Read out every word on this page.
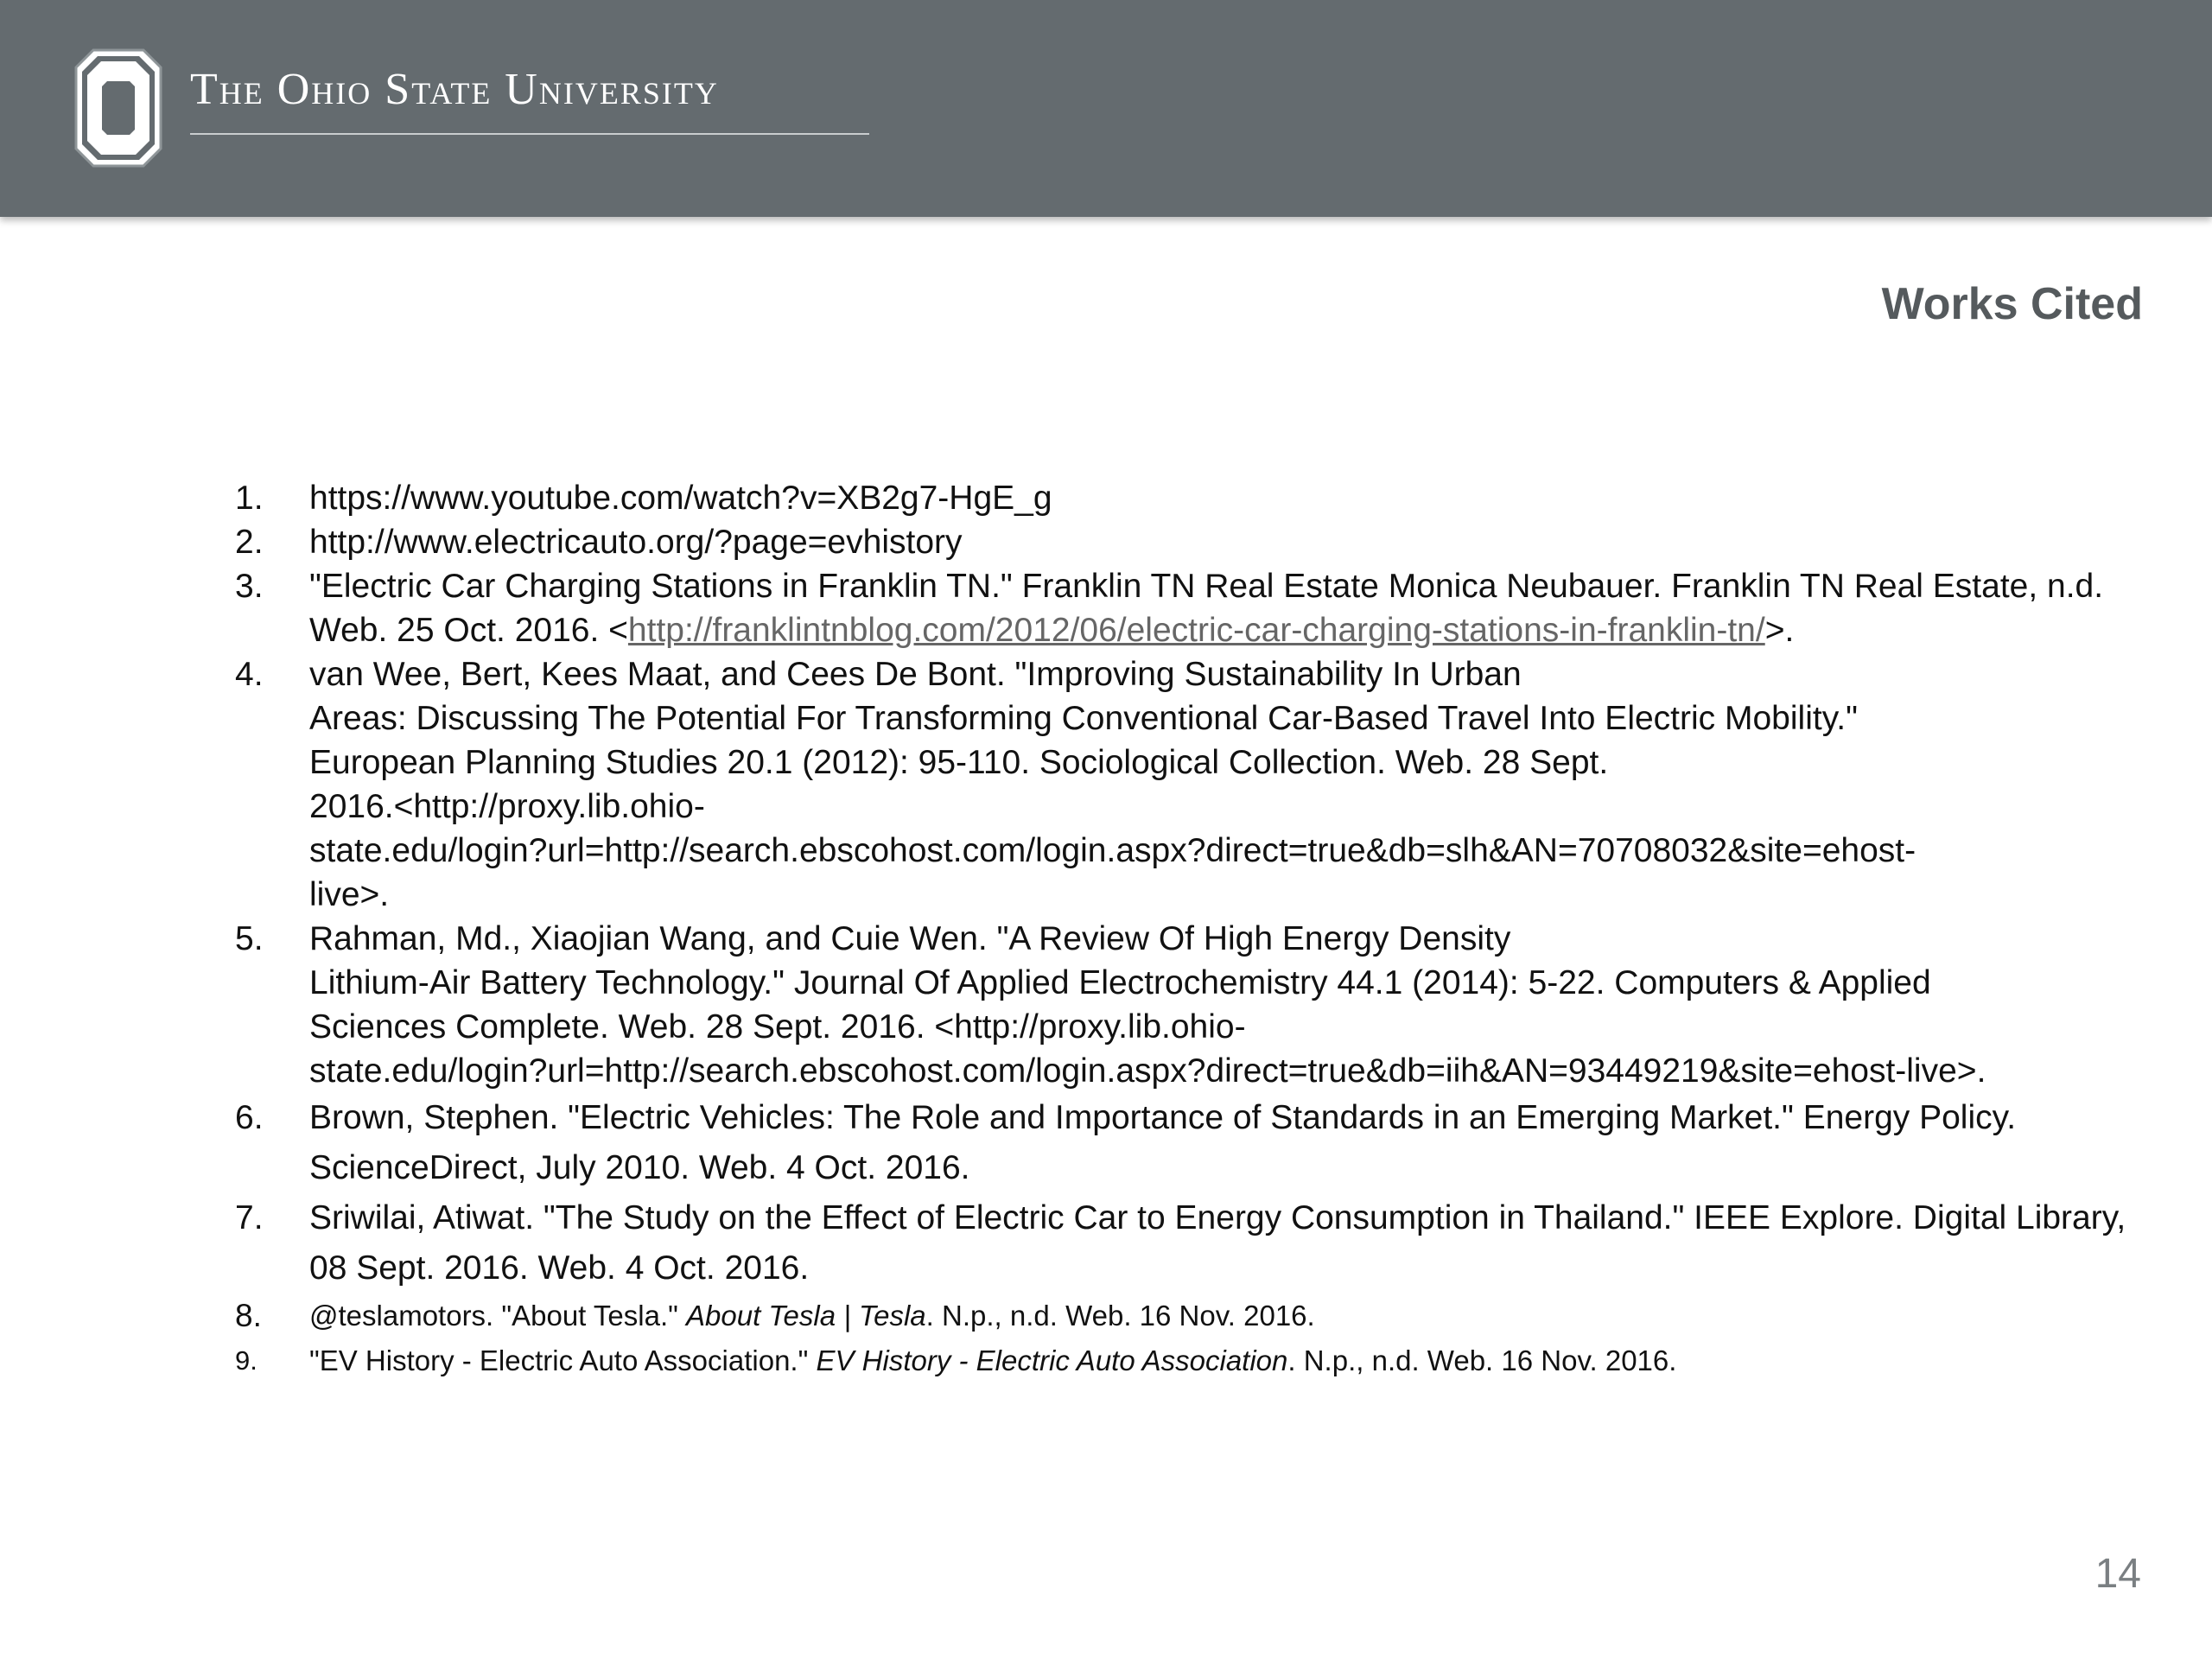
The Ohio State University
Works Cited
1.	https://www.youtube.com/watch?v=XB2g7-HgE_g
2.	http://www.electricauto.org/?page=evhistory
3.	"Electric Car Charging Stations in Franklin TN." Franklin TN Real Estate Monica Neubauer. Franklin TN Real Estate, n.d. Web. 25 Oct. 2016. <http://franklintnblog.com/2012/06/electric-car-charging-stations-in-franklin-tn/>.
4.	van Wee, Bert, Kees Maat, and Cees De Bont. "Improving Sustainability In Urban
Areas: Discussing The Potential For Transforming Conventional Car-Based Travel Into Electric Mobility."
European Planning Studies 20.1 (2012): 95-110. Sociological Collection. Web. 28 Sept.
2016.<http://proxy.lib.ohio-
state.edu/login?url=http://search.ebscohost.com/login.aspx?direct=true&db=slh&AN=70708032&site=ehost-
live>.
5.	Rahman, Md., Xiaojian Wang, and Cuie Wen. "A Review Of High Energy Density
Lithium-Air Battery Technology." Journal Of Applied Electrochemistry 44.1 (2014): 5-22. Computers & Applied
Sciences Complete. Web. 28 Sept. 2016. <http://proxy.lib.ohio-
state.edu/login?url=http://search.ebscohost.com/login.aspx?direct=true&db=iih&AN=93449219&site=ehost-live>.
6.	Brown, Stephen. "Electric Vehicles: The Role and Importance of Standards in an Emerging Market." Energy Policy. ScienceDirect, July 2010. Web. 4 Oct. 2016.
7.	Sriwilai, Atiwat. "The Study on the Effect of Electric Car to Energy Consumption in Thailand." IEEE Explore. Digital Library, 08 Sept. 2016. Web. 4 Oct. 2016.
8.	@teslamotors. "About Tesla." About Tesla | Tesla. N.p., n.d. Web. 16 Nov. 2016.
9.	"EV History - Electric Auto Association." EV History - Electric Auto Association. N.p., n.d. Web. 16 Nov. 2016.
14
